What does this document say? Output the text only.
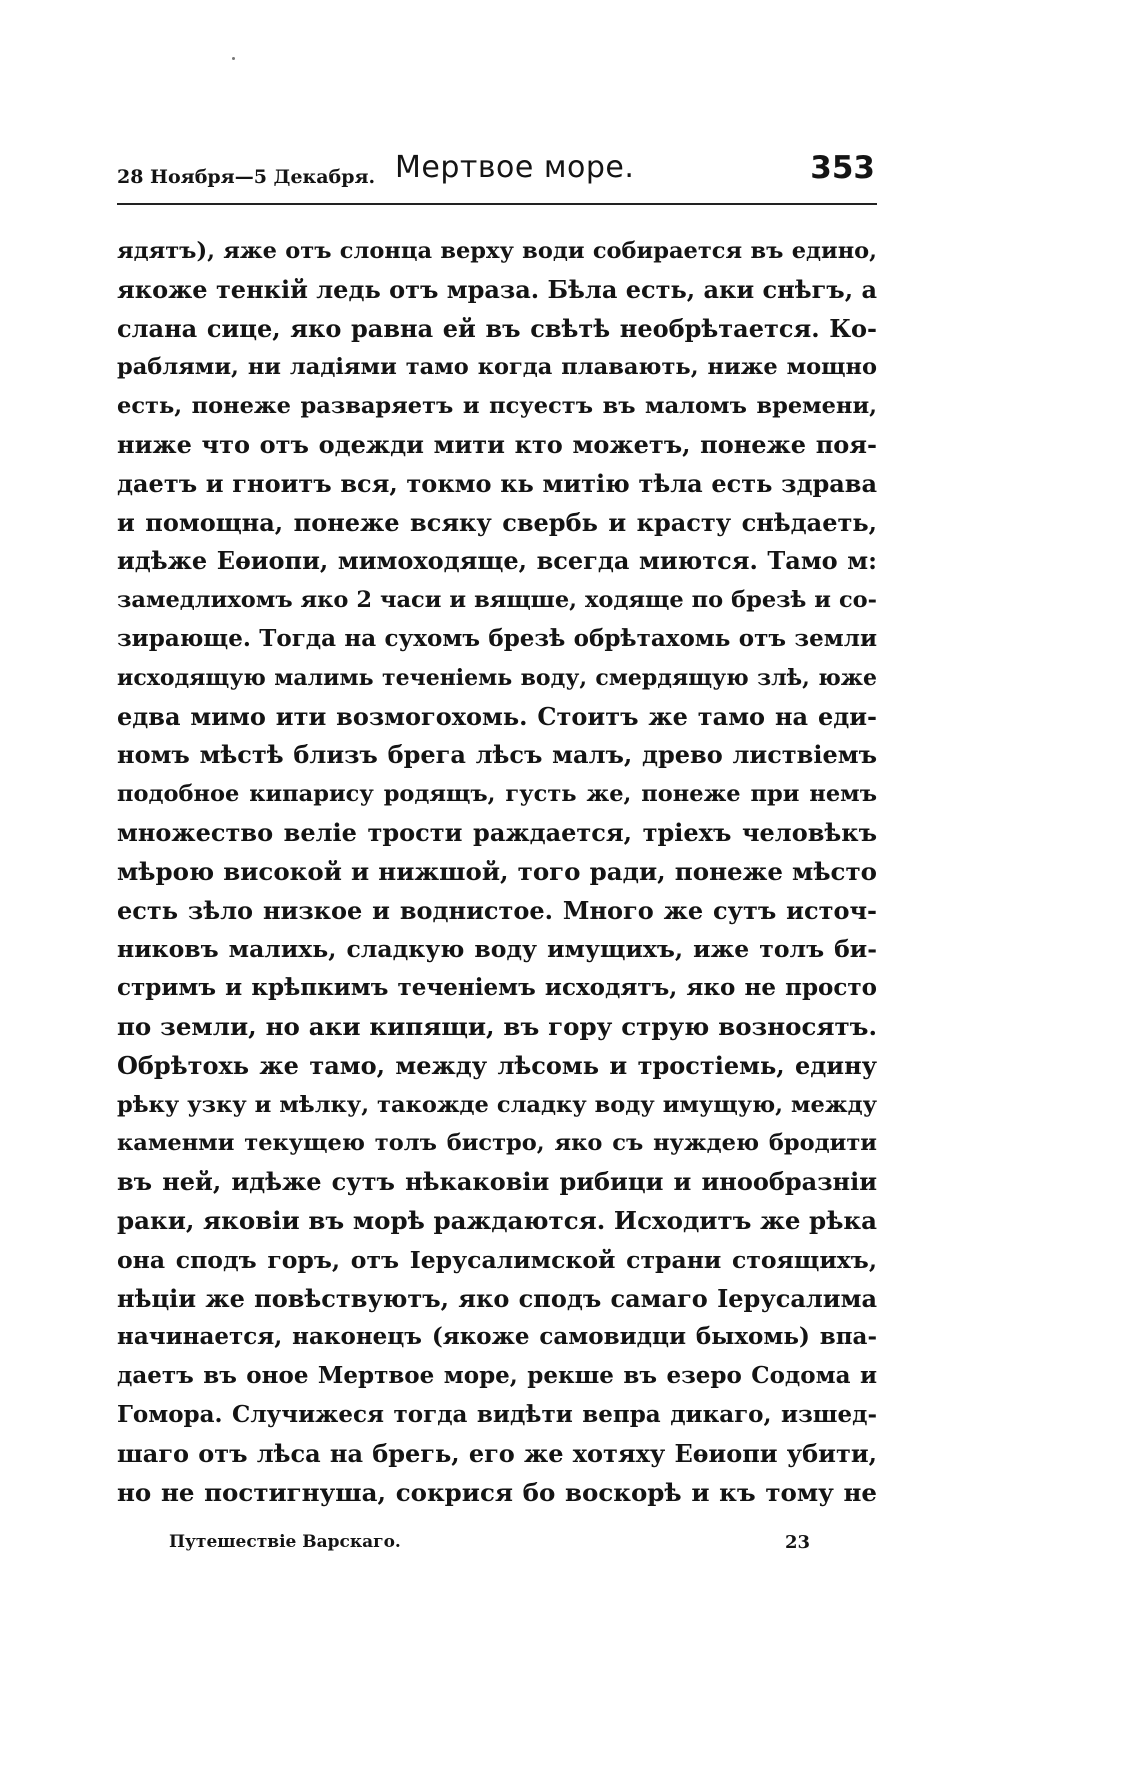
28 Ноября—5 Декабря. Мертвое море.	353
ядятъ), яже отъ слонца верху води собирается въ едино,
якоже тенкій ледь отъ мраза. Бѣла есть, аки снѣгъ, а
слана сице, яко равна ей въ свѣтѣ необрѣтается. Ко-
раблями, ни ладіями тамо когда плавають, ниже мощно
есть, понеже разваряетъ и псуестъ въ маломъ времени,
ниже что отъ одежди мити кто можетъ, понеже поя-
даетъ и гноитъ вся, токмо кь митію тѣла есть здрава
и помощна, понеже всяку свербь и красту снѣдаеть,
идѣже Еѳиопи, мимоходяще, всегда миются. Тамо м:
замедлихомъ яко 2 часи и вящше, ходяще по брезѣ и со-
зирающе. Тогда на сухомъ брезѣ обрѣтахомь отъ земли
исходящую малимь теченіемь воду, смердящую злѣ, юже
едва мимо ити возмогохомь. Стоитъ же тамо на еди-
номъ мѣстѣ близъ брега лѣсъ малъ, древо листвіемъ
подобное кипарису родящъ, густь же, понеже при немъ
множество веліе трости раждается, тріехъ человѣкъ
мѣрою високой и нижшой, того ради, понеже мѣсто
есть зѣло низкое и воднистое. Много же сутъ источ-
никовъ малихь, сладкую воду имущихъ, иже толъ би-
стримъ и крѣпкимъ теченіемъ исходятъ, яко не просто
по земли, но аки кипящи, въ гору струю возносятъ.
Обрѣтохь же тамо, между лѣсомь и тростіемь, едину
рѣку узку и мѣлку, такожде сладку воду имущую, между
каменми текущею толъ бистро, яко съ нуждею бродити
въ ней, идѣже сутъ нѣкаковіи рибици и инообразніи
раки, яковіи въ морѣ раждаются. Исходитъ же рѣка
она сподъ горъ, отъ Іерусалимской страни стоящихъ,
нѣціи же повѣствуютъ, яко сподъ самаго Іерусалима
начинается, наконецъ (якоже самовидци быхомь) впа-
даетъ въ оное Мертвое море, рекше въ езеро Содома и
Гомора. Случижеся тогда видѣти вепра дикаго, изшед-
шаго отъ лѣса на брегь, его же хотяху Еѳиопи убити,
но не постигнуша, сокрися бо воскорѣ и къ тому не
Путешествіе Варскаго.	23
